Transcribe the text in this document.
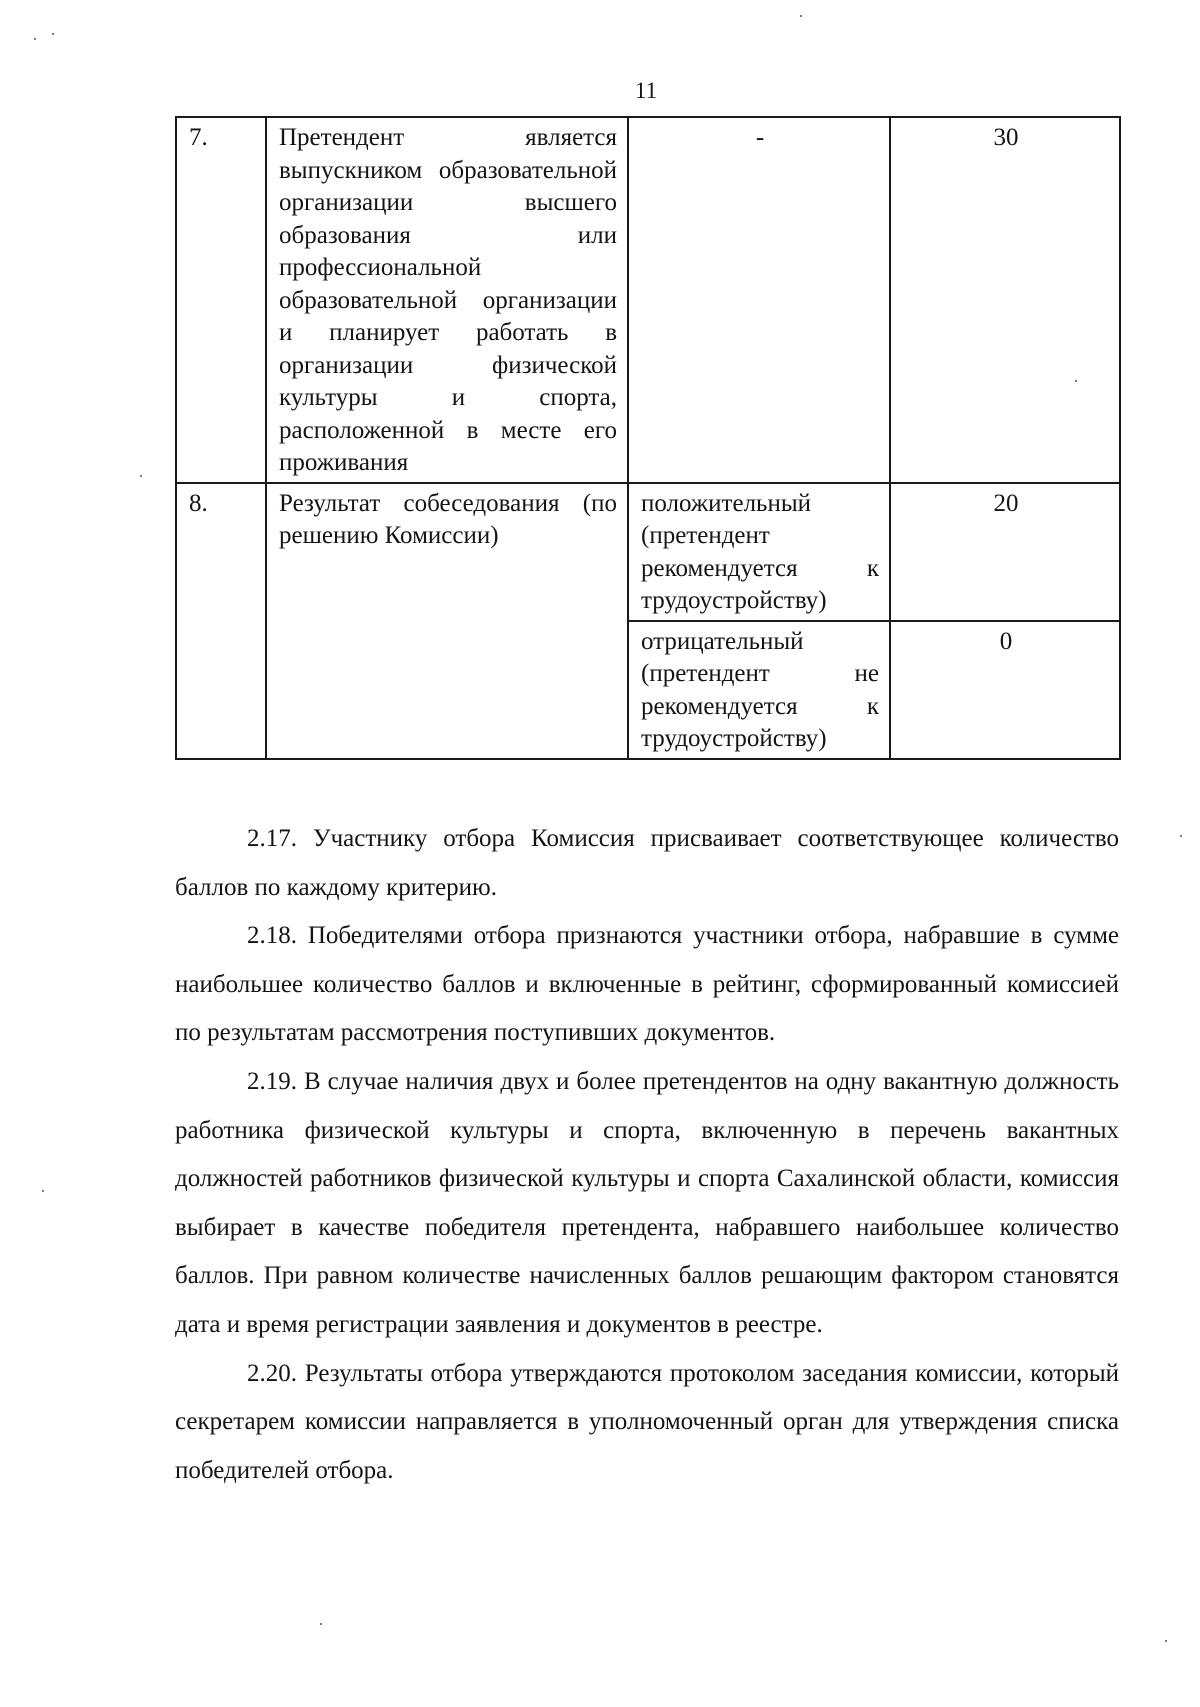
11
7.	Претендент является выпускником образовательной организации высшего образования или профессиональной образовательной организации и планирует работать в организации физической культуры и спорта, расположенной в месте его проживания	-	30
8.	Результат собеседования (по решению Комиссии)	положительный (претендент рекомендуется к трудоустройству)	20
		отрицательный (претендент не рекомендуется к трудоустройству)	0

2.17. Участнику отбора Комиссия присваивает соответствующее количество баллов по каждому критерию.

2.18. Победителями отбора признаются участники отбора, набравшие в сумме наибольшее количество баллов и включенные в рейтинг, сформированный комиссией по результатам рассмотрения поступивших документов.

2.19. В случае наличия двух и более претендентов на одну вакантную должность работника физической культуры и спорта, включенную в перечень вакантных должностей работников физической культуры и спорта Сахалинской области, комиссия выбирает в качестве победителя претендента, набравшего наибольшее количество баллов. При равном количестве начисленных баллов решающим фактором становятся дата и время регистрации заявления и документов в реестре.

2.20. Результаты отбора утверждаются протоколом заседания комиссии, который секретарем комиссии направляется в уполномоченный орган для утверждения списка победителей отбора.
